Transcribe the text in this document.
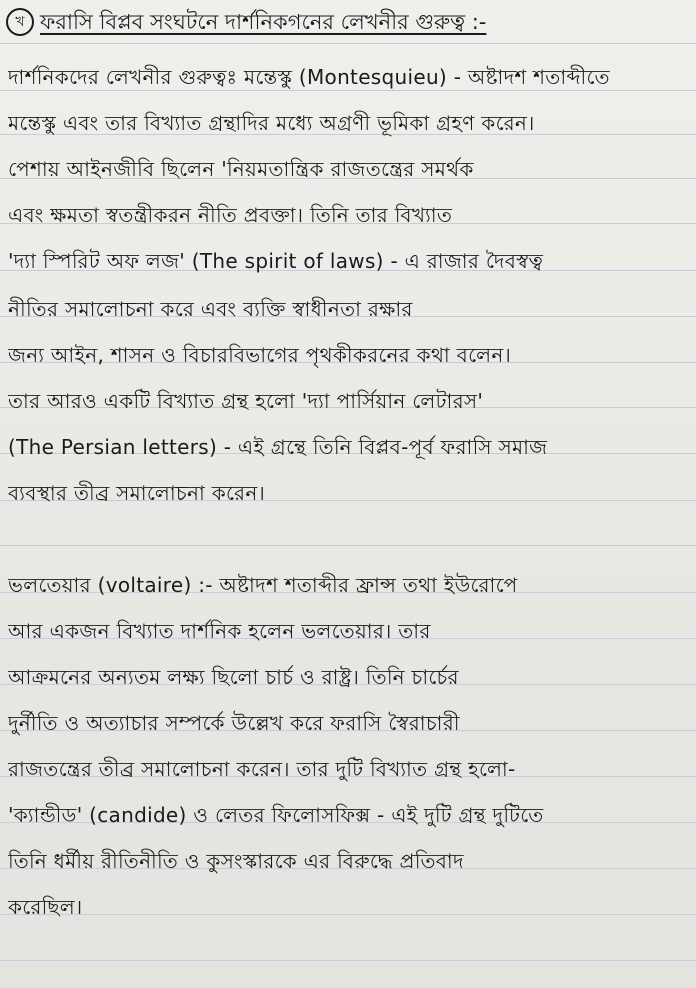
খ ফরাসি বিপ্লব সংঘটনে দার্শনিকগনের লেখনীর গুরুত্ব :-
দার্শনিকদের লেখনীর গুরুত্বঃ মন্তেস্কু (Montesquieu) - অষ্টাদশ শতাব্দীতে
মন্তেস্কু এবং তার বিখ্যাত গ্রন্থাদির মধ্যে অগ্রণী ভূমিকা গ্রহণ করেন।
পেশায় আইনজীবি ছিলেন 'নিয়মতান্ত্রিক রাজতন্ত্রের সমর্থক
এবং ক্ষমতা স্বতন্ত্রীকরন নীতি প্রবক্তা। তিনি তার বিখ্যাত
'দ্যা স্পিরিট অফ লজ' (The spirit of laws) - এ রাজার দৈবস্বত্ব
নীতির সমালোচনা করে এবং ব্যক্তি স্বাধীনতা রক্ষার
জন্য আইন, শাসন ও বিচারবিভাগের পৃথকীকরনের কথা বলেন।
তার আরও একটি বিখ্যাত গ্রন্থ হলো 'দ্যা পার্সিয়ান লেটারস'
(The Persian letters) - এই গ্রন্থে তিনি বিপ্লব-পূর্ব ফরাসি সমাজ
ব্যবস্থার তীব্র সমালোচনা করেন।
ভলতেয়ার (voltaire) :- অষ্টাদশ শতাব্দীর ফ্রান্স তথা ইউরোপে
আর একজন বিখ্যাত দার্শনিক হলেন ভলতেয়ার। তার
আক্রমনের অন্যতম লক্ষ্য ছিলো চার্চ ও রাষ্ট্র। তিনি চার্চের
দুর্নীতি ও অত্যাচার সম্পর্কে উল্লেখ করে ফরাসি স্বৈরাচারী
রাজতন্ত্রের তীব্র সমালোচনা করেন। তার দুটি বিখ্যাত গ্রন্থ হলো-
'ক্যান্ডীড' (candide) ও লেতর ফিলোসফিক্স - এই দুটি গ্রন্থ দুটিতে
তিনি ধর্মীয় রীতিনীতি ও কুসংস্কারকে এর বিরুদ্ধে প্রতিবাদ
করেছিল।
